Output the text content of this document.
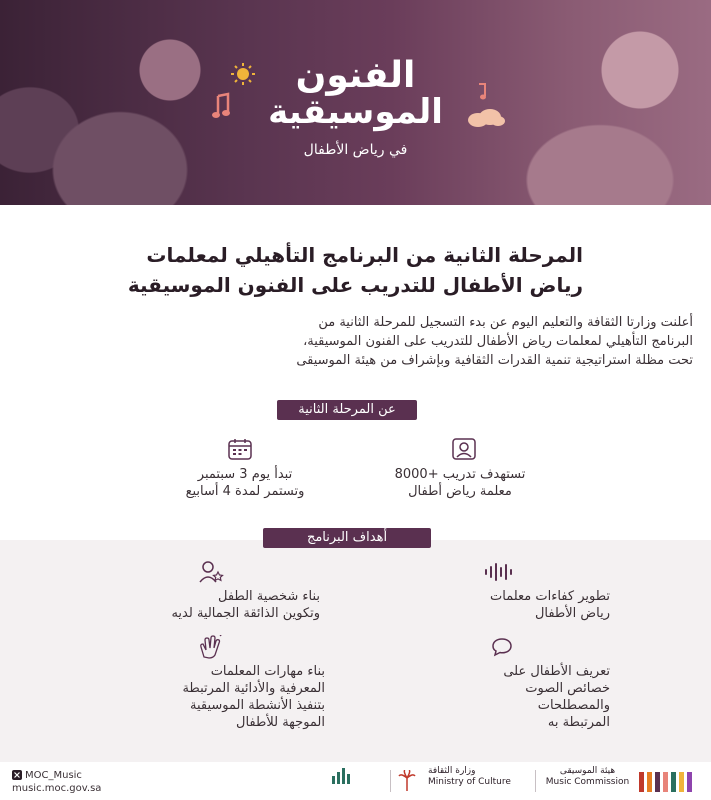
الفنون
الموسيقية
في رياض الأطفال
المرحلة الثانية من البرنامج التأهيلي لمعلمات
رياض الأطفال للتدريب على الفنون الموسيقية
أعلنت وزارتا الثقافة والتعليم اليوم عن بدء التسجيل للمرحلة الثانية من
البرنامج التأهيلي لمعلمات رياض الأطفال للتدريب على الفنون الموسيقية،
تحت مظلة استراتيجية تنمية القدرات الثقافية وبإشراف من هيئة الموسيقى
عن المرحلة الثانية
تستهدف تدريب +8000
معلمة رياض أطفال
تبدأ يوم 3 سبتمبر
وتستمر لمدة 4 أسابيع
أهداف البرنامج
تطوير كفاءات معلمات
رياض الأطفال
بناء شخصية الطفل
وتكوين الذائقة الجمالية لديه
تعريف الأطفال على
خصائص الصوت
والمصطلحات
المرتبطة به
بناء مهارات المعلمات
المعرفية والأدائية المرتبطة
بتنفيذ الأنشطة الموسيقية
الموجهة للأطفال
MOC_Music
music.moc.gov.sa
وزارة الثقافة
Ministry of Culture
هيئة الموسيقى
Music Commission
